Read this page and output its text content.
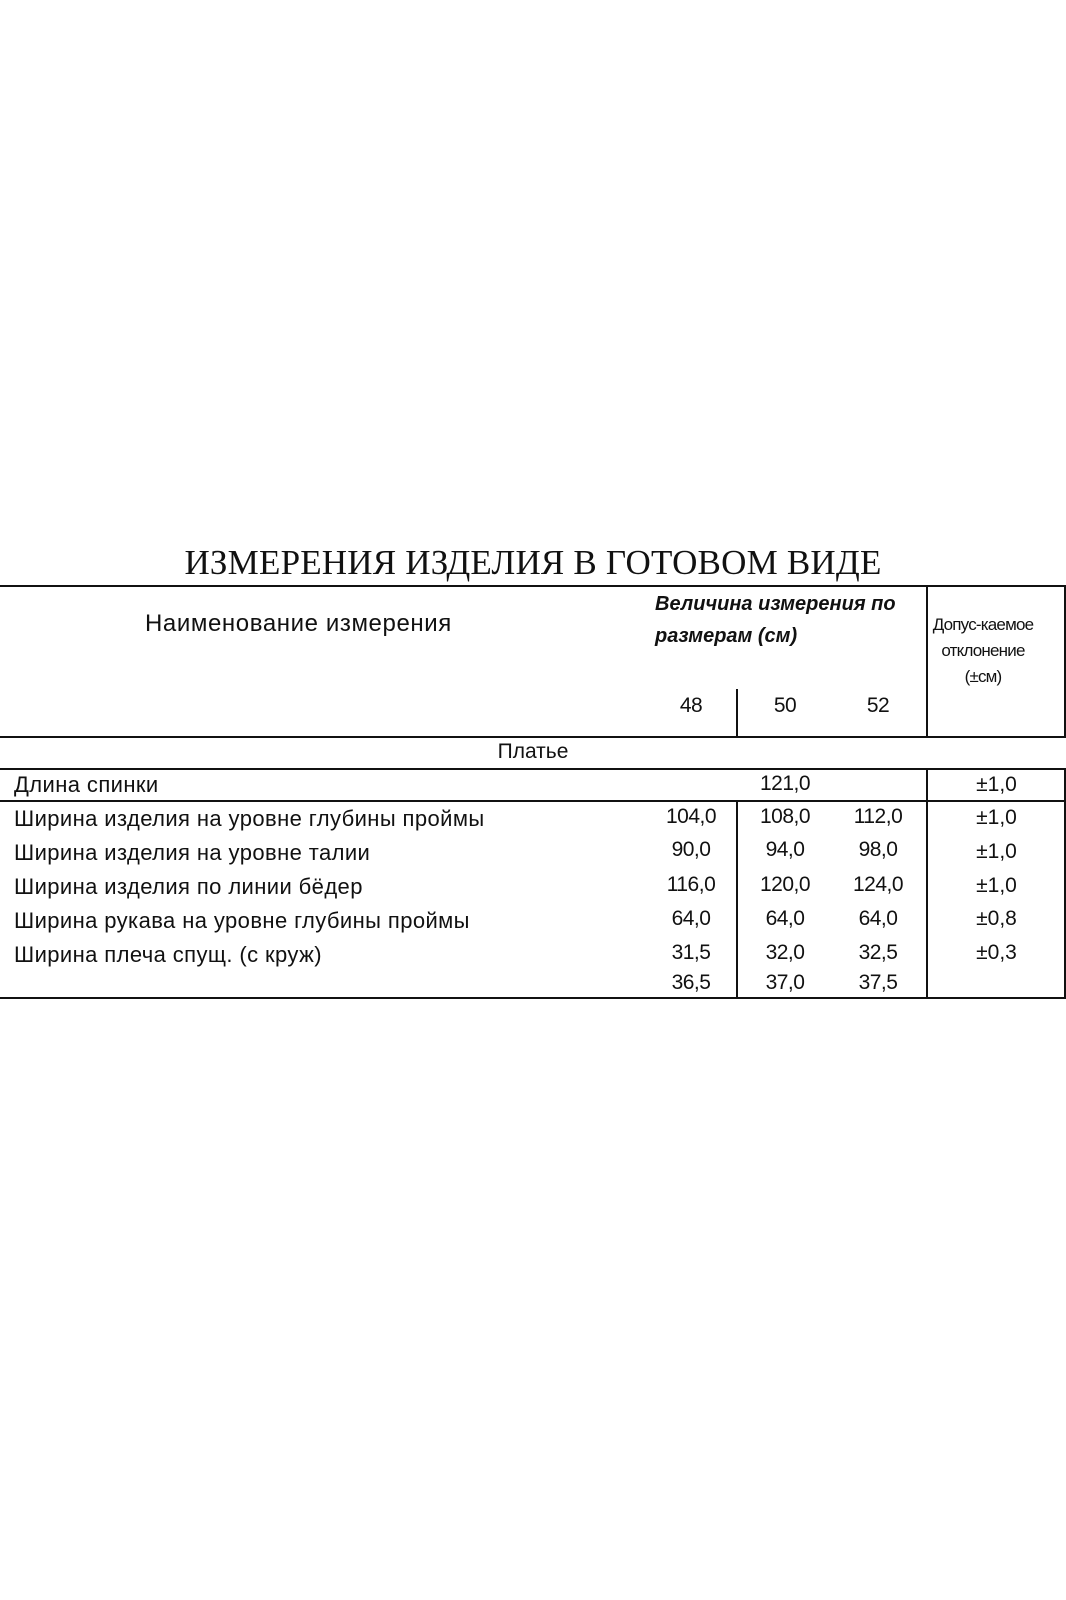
ИЗМЕРЕНИЯ ИЗДЕЛИЯ В ГОТОВОМ ВИДЕ
Наименование измерения
Величина измерения по размерам (см)
Допус-каемое отклонение (±см)
48	50	52
Платье
Длина спинки	121,0	±1,0
Ширина изделия на уровне глубины проймы	104,0	108,0	112,0	±1,0
Ширина изделия на уровне талии	90,0	94,0	98,0	±1,0
Ширина изделия по линии бёдер	116,0	120,0	124,0	±1,0
Ширина рукава на уровне глубины проймы	64,0	64,0	64,0	±0,8
Ширина плеча спущ. (с круж)	31,5	32,0	32,5	±0,3
36,5	37,0	37,5
